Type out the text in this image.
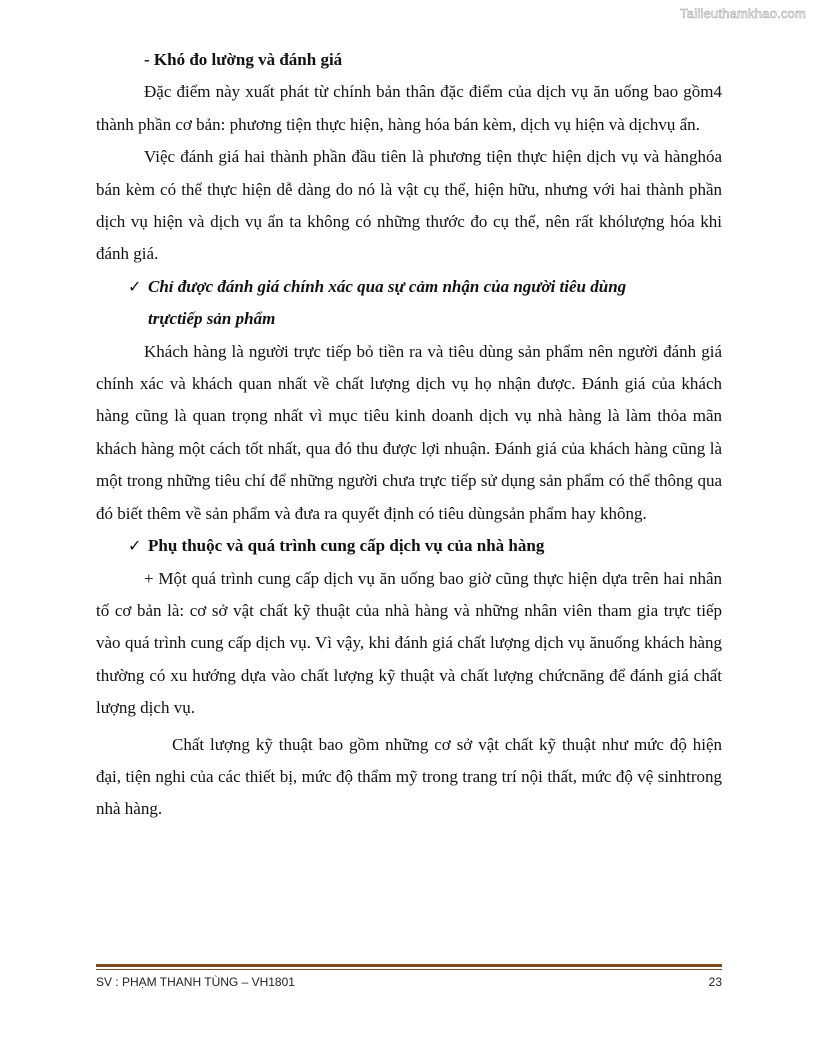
Tailieuthamkhao.com

- Khó đo lường và đánh giá

Đặc điểm này xuất phát từ chính bản thân đặc điểm của dịch vụ ăn uống bao gồm4 thành phần cơ bản: phương tiện thực hiện, hàng hóa bán kèm, dịch vụ hiện và dịchvụ ẩn.

Việc đánh giá hai thành phần đầu tiên là phương tiện thực hiện dịch vụ và hànghóa bán kèm có thể thực hiện dễ dàng do nó là vật cụ thể, hiện hữu, nhưng với hai thành phần dịch vụ hiện và dịch vụ ẩn ta không có những thước đo cụ thể, nên rất khólượng hóa khi đánh giá.

✓ Chỉ được đánh giá chính xác qua sự cảm nhận của người tiêu dùng
trựctiếp sản phẩm

Khách hàng là người trực tiếp bỏ tiền ra và tiêu dùng sản phẩm nên người đánh giá chính xác và khách quan nhất về chất lượng dịch vụ họ nhận được. Đánh giá của khách hàng cũng là quan trọng nhất vì mục tiêu kinh doanh dịch vụ nhà hàng là làm thỏa mãn khách hàng một cách tốt nhất, qua đó thu được lợi nhuận. Đánh giá của khách hàng cũng là một trong những tiêu chí để những người chưa trực tiếp sử dụng sản phẩm có thể thông qua đó biết thêm về sản phẩm và đưa ra quyết định có tiêu dùngsản phẩm hay không.

✓ Phụ thuộc và quá trình cung cấp dịch vụ của nhà hàng

+ Một quá trình cung cấp dịch vụ ăn uống bao giờ cũng thực hiện dựa trên hai nhân tố cơ bản là: cơ sở vật chất kỹ thuật của nhà hàng và những nhân viên tham gia trực tiếp vào quá trình cung cấp dịch vụ. Vì vậy, khi đánh giá chất lượng dịch vụ ănuống khách hàng thường có xu hướng dựa vào chất lượng kỹ thuật và chất lượng chứcnăng để đánh giá chất lượng dịch vụ.

Chất lượng kỹ thuật bao gồm những cơ sở vật chất kỹ thuật như mức độ hiện đại, tiện nghi của các thiết bị, mức độ thẩm mỹ trong trang trí nội thất, mức độ vệ sinhtrong nhà hàng.

SV : PHẠM THANH TÙNG – VH1801	23
